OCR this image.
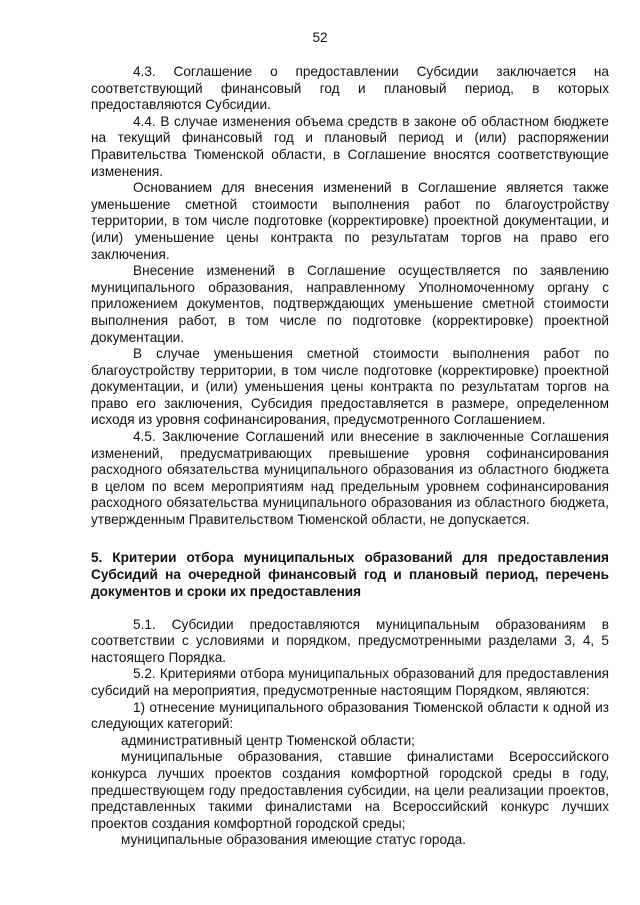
52

4.3. Соглашение о предоставлении Субсидии заключается на соответствующий финансовый год и плановый период, в которых предоставляются Субсидии.

4.4. В случае изменения объема средств в законе об областном бюджете на текущий финансовый год и плановый период и (или) распоряжении Правительства Тюменской области, в Соглашение вносятся соответствующие изменения.

Основанием для внесения изменений в Соглашение является также уменьшение сметной стоимости выполнения работ по благоустройству территории, в том числе подготовке (корректировке) проектной документации, и (или) уменьшение цены контракта по результатам торгов на право его заключения.

Внесение изменений в Соглашение осуществляется по заявлению муниципального образования, направленному Уполномоченному органу с приложением документов, подтверждающих уменьшение сметной стоимости выполнения работ, в том числе по подготовке (корректировке) проектной документации.

В случае уменьшения сметной стоимости выполнения работ по благоустройству территории, в том числе подготовке (корректировке) проектной документации, и (или) уменьшения цены контракта по результатам торгов на право его заключения, Субсидия предоставляется в размере, определенном исходя из уровня софинансирования, предусмотренного Соглашением.

4.5. Заключение Соглашений или внесение в заключенные Соглашения изменений, предусматривающих превышение уровня софинансирования расходного обязательства муниципального образования из областного бюджета в целом по всем мероприятиям над предельным уровнем софинансирования расходного обязательства муниципального образования из областного бюджета, утвержденным Правительством Тюменской области, не допускается.

5. Критерии отбора муниципальных образований для предоставления Субсидий на очередной финансовый год и плановый период, перечень документов и сроки их предоставления

5.1. Субсидии предоставляются муниципальным образованиям в соответствии с условиями и порядком, предусмотренными разделами 3, 4, 5 настоящего Порядка.

5.2. Критериями отбора муниципальных образований для предоставления субсидий на мероприятия, предусмотренные настоящим Порядком, являются:

1) отнесение муниципального образования Тюменской области к одной из следующих категорий:

административный центр Тюменской области;

муниципальные образования, ставшие финалистами Всероссийского конкурса лучших проектов создания комфортной городской среды в году, предшествующем году предоставления субсидии, на цели реализации проектов, представленных такими финалистами на Всероссийский конкурс лучших проектов создания комфортной городской среды;

муниципальные образования имеющие статус города.
